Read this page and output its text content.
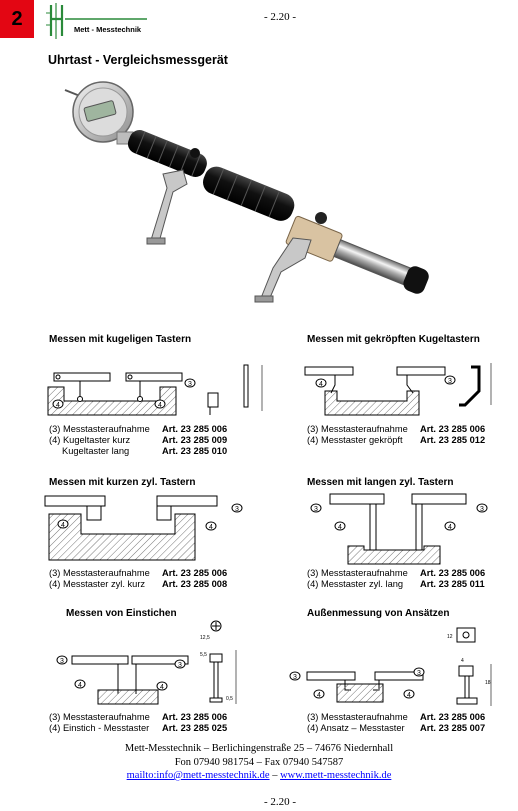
2	Mett - Messtechnik
- 2.20 -
Uhrtast - Vergleichsmessgerät
Messen mit kugeligen Tastern	Messen mit gekröpften Kugeltastern
Messen mit kurzen zyl. Tastern	Messen mit langen zyl. Tastern
Messen von Einstichen	Außenmessung von Ansätzen
3
4	4
(3) Messtasteraufnahme	Art. 23 285 006
(4) Kugeltaster kurz	Art. 23 285 009
Kugeltaster lang	Art. 23 285 010
3
4
(3) Messtasteraufnahme	Art. 23 285 006
(4) Messtaster gekröpft	Art. 23 285 012
3
4	4
(3) Messtasteraufnahme	Art. 23 285 006
(4) Messtaster zyl. kurz	Art. 23 285 008
3
4	4
3
(3) Messtasteraufnahme	Art. 23 285 006
(4) Messtaster zyl. lang	Art. 23 285 011
3
3
4	4
12,5
5,5
0,5
(3) Messtasteraufnahme	Art. 23 285 006
(4) Einstich - Messtaster	Art. 23 285 025
3
3
4	4
12
4
18
(3) Messtasteraufnahme	Art. 23 285 006
(4) Ansatz – Messtaster	Art. 23 285 007
Mett-Messtechnik – Berlichingenstraße 25 – 74676 Niedernhall
Fon 07940 981754 – Fax 07940 547587
mailto:info@mett-messtechnik.de – www.mett-messtechnik.de
- 2.20 -
